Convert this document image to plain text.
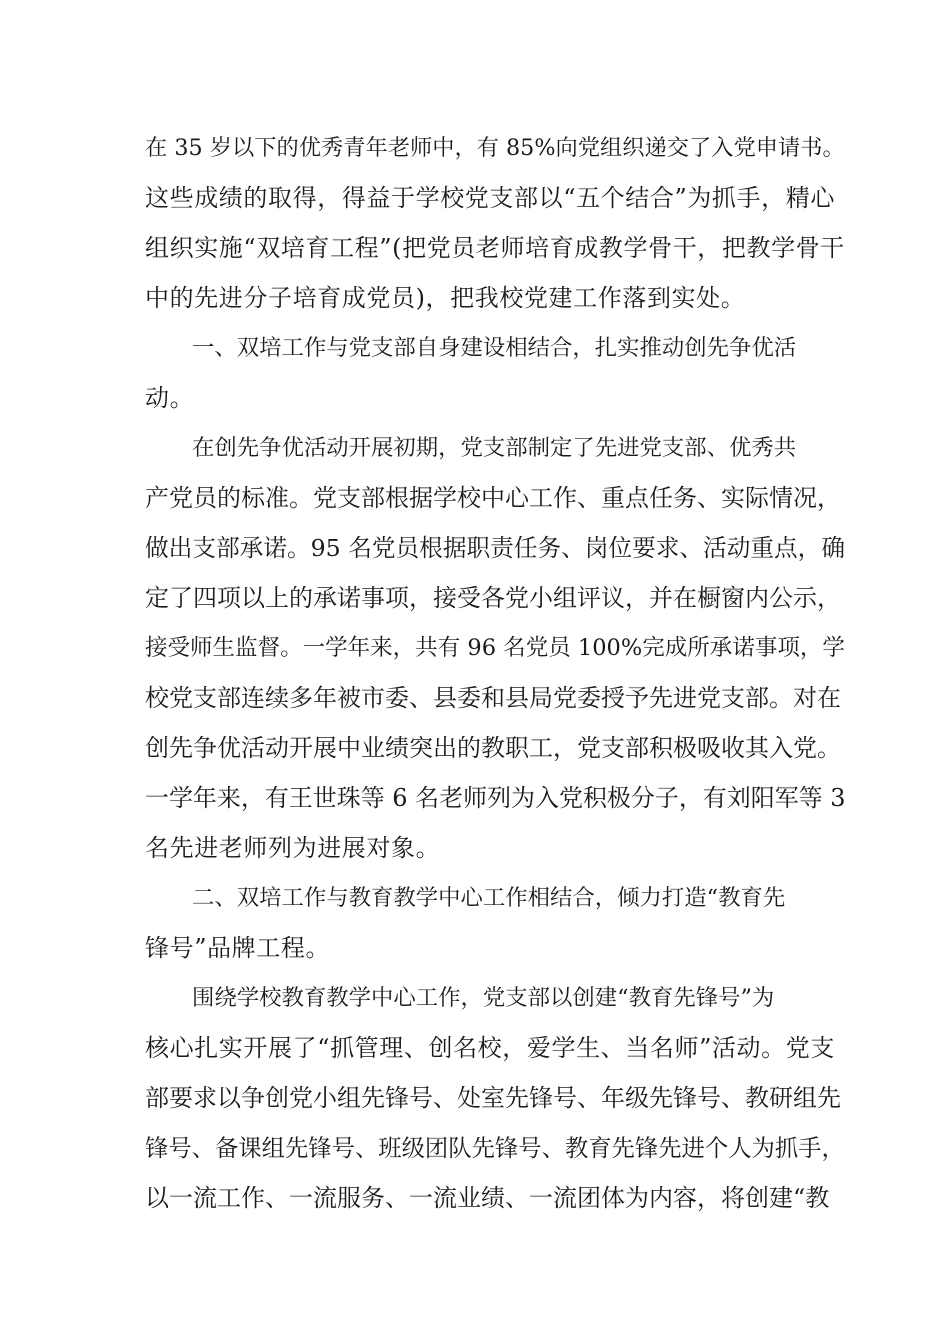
在 35 岁以下的优秀青年老师中，有 85%向党组织递交了入党申请书。
这些成绩的取得，得益于学校党支部以“五个结合”为抓手，精心
组织实施“双培育工程”(把党员老师培育成教学骨干，把教学骨干
中的先进分子培育成党员)，把我校党建工作落到实处。
一、双培工作与党支部自身建设相结合，扎实推动创先争优活
动。
在创先争优活动开展初期，党支部制定了先进党支部、优秀共
产党员的标准。党支部根据学校中心工作、重点任务、实际情况，
做出支部承诺。95 名党员根据职责任务、岗位要求、活动重点，确
定了四项以上的承诺事项，接受各党小组评议，并在橱窗内公示，
接受师生监督。一学年来，共有 96 名党员 100%完成所承诺事项，学
校党支部连续多年被市委、县委和县局党委授予先进党支部。对在
创先争优活动开展中业绩突出的教职工，党支部积极吸收其入党。
一学年来，有王世珠等 6 名老师列为入党积极分子，有刘阳军等 3
名先进老师列为进展对象。
二、双培工作与教育教学中心工作相结合，倾力打造“教育先
锋号”品牌工程。
围绕学校教育教学中心工作，党支部以创建“教育先锋号”为
核心扎实开展了“抓管理、创名校，爱学生、当名师”活动。党支
部要求以争创党小组先锋号、处室先锋号、年级先锋号、教研组先
锋号、备课组先锋号、班级团队先锋号、教育先锋先进个人为抓手，
以一流工作、一流服务、一流业绩、一流团体为内容，将创建“教
